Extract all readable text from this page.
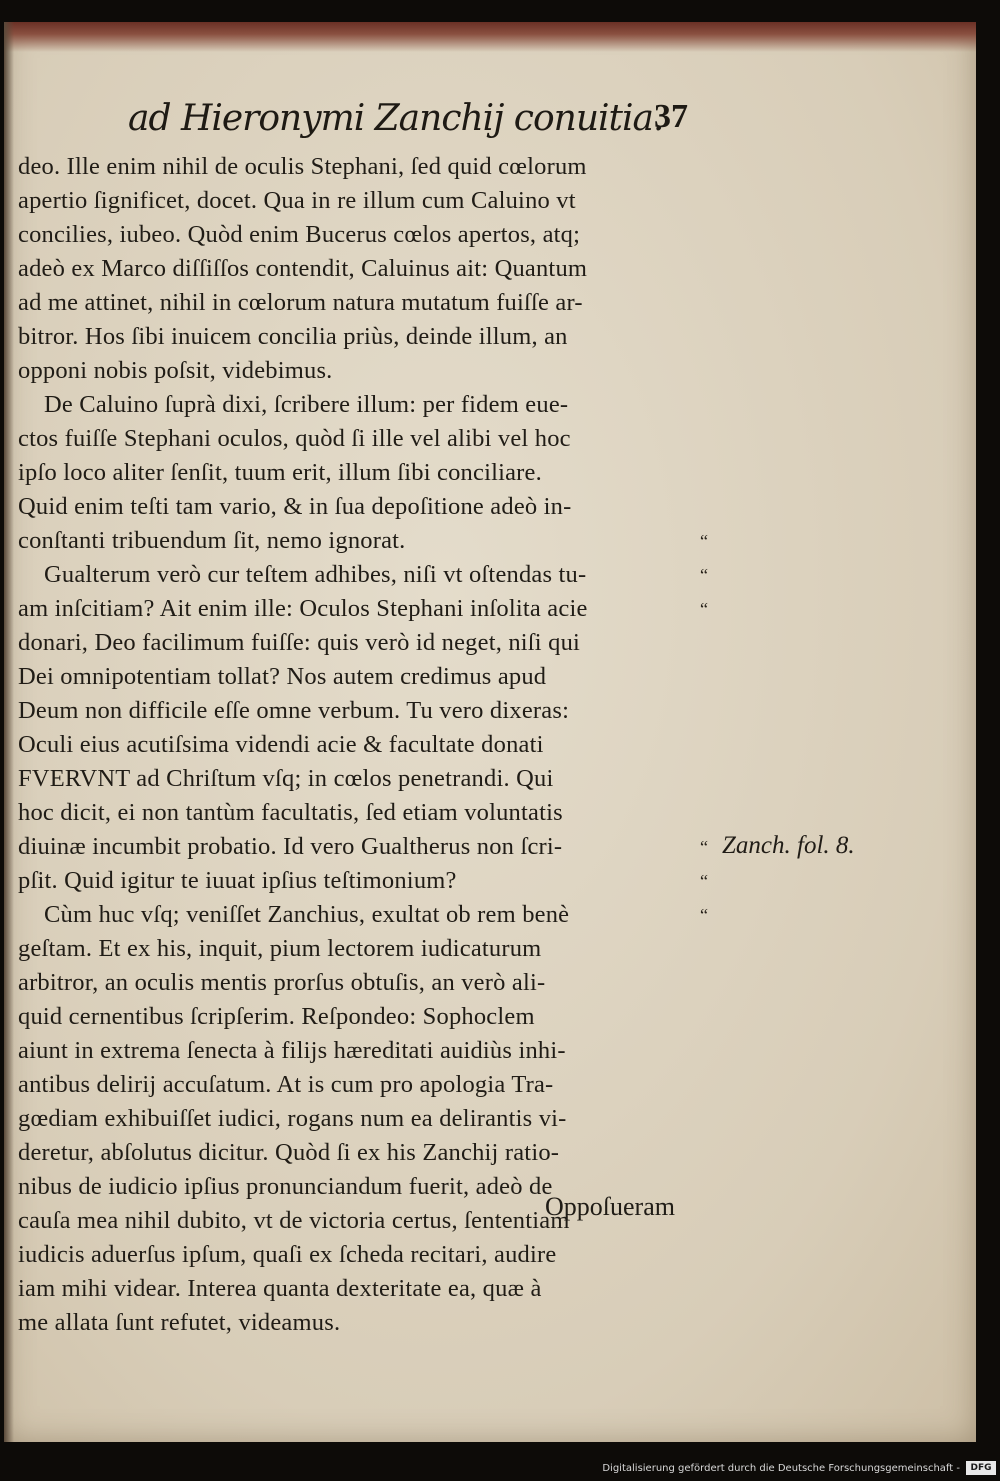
ad Hieronymi Zanchij conuitia.
37
deo. Ille enim nihil de oculis Stephani, ſed quid cœlorum
apertio ſignificet, docet. Qua in re illum cum Caluino vt
concilies, iubeo. Quòd enim Bucerus cœlos apertos, atq;
adeò ex Marco diſſiſſos contendit, Caluinus ait: Quantum
ad me attinet, nihil in cœlorum natura mutatum fuiſſe ar-
bitror. Hos ſibi inuicem concilia priùs, deinde illum, an
opponi nobis poſsit, videbimus.
De Caluino ſuprà dixi, ſcribere illum: per fidem eue-
ctos fuiſſe Stephani oculos, quòd ſi ille vel alibi vel hoc
ipſo loco aliter ſenſit, tuum erit, illum ſibi conciliare.
Quid enim teſti tam vario, & in ſua depoſitione adeò in-
conſtanti tribuendum ſit, nemo ignorat.
Gualterum verò cur teſtem adhibes, niſi vt oſtendas tu-
am inſcitiam? Ait enim ille: Oculos Stephani inſolita acie
donari, Deo facilimum fuiſſe: quis verò id neget, niſi qui
Dei omnipotentiam tollat? Nos autem credimus apud
Deum non difficile eſſe omne verbum. Tu vero dixeras:
Oculi eius acutiſsima videndi acie & facultate donati
FVERVNT ad Chriſtum vſq; in cœlos penetrandi. Qui
hoc dicit, ei non tantùm facultatis, ſed etiam voluntatis
diuinæ incumbit probatio. Id vero Gualtherus non ſcri-
pſit. Quid igitur te iuuat ipſius teſtimonium?
Cùm huc vſq; veniſſet Zanchius, exultat ob rem benè
geſtam. Et ex his, inquit, pium lectorem iudicaturum
arbitror, an oculis mentis prorſus obtuſis, an verò ali-
quid cernentibus ſcripſerim. Reſpondeo: Sophoclem
aiunt in extrema ſenecta à filijs hæreditati auidiùs inhi-
antibus delirij accuſatum. At is cum pro apologia Tra-
gœdiam exhibuiſſet iudici, rogans num ea delirantis vi-
deretur, abſolutus dicitur. Quòd ſi ex his Zanchij ratio-
nibus de iudicio ipſius pronunciandum fuerit, adeò de
cauſa mea nihil dubito, vt de victoria certus, ſententiam
iudicis aduerſus ipſum, quaſi ex ſcheda recitari, audire
iam mihi videar. Interea quanta dexteritate ea, quæ à
me allata ſunt refutet, videamus.
“
“
“
“
“
“
Zanch. fol. 8.
Oppoſueram
Digitalisierung gefördert durch die Deutsche Forschungsgemeinschaft -	DFG
